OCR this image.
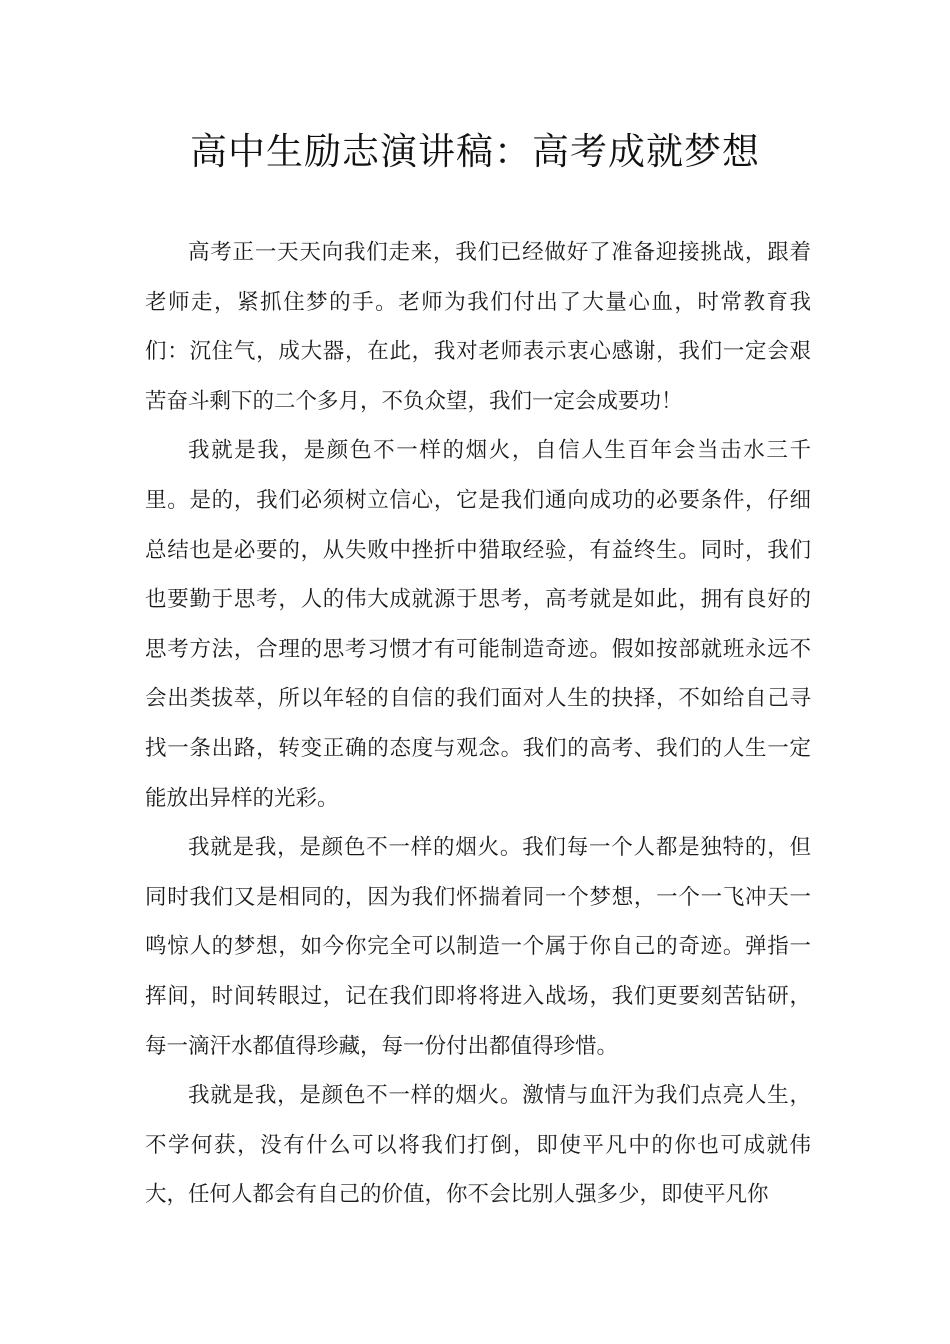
高中生励志演讲稿：高考成就梦想

高考正一天天向我们走来，我们已经做好了准备迎接挑战，跟着老师走，紧抓住梦的手。老师为我们付出了大量心血，时常教育我们：沉住气，成大器，在此，我对老师表示衷心感谢，我们一定会艰苦奋斗剩下的二个多月，不负众望，我们一定会成要功！

我就是我，是颜色不一样的烟火，自信人生百年会当击水三千里。是的，我们必须树立信心，它是我们通向成功的必要条件，仔细总结也是必要的，从失败中挫折中猎取经验，有益终生。同时，我们也要勤于思考，人的伟大成就源于思考，高考就是如此，拥有良好的思考方法，合理的思考习惯才有可能制造奇迹。假如按部就班永远不会出类拔萃，所以年轻的自信的我们面对人生的抉择，不如给自己寻找一条出路，转变正确的态度与观念。我们的高考、我们的人生一定能放出异样的光彩。

我就是我，是颜色不一样的烟火。我们每一个人都是独特的，但同时我们又是相同的，因为我们怀揣着同一个梦想，一个一飞冲天一鸣惊人的梦想，如今你完全可以制造一个属于你自己的奇迹。弹指一挥间，时间转眼过，记在我们即将将进入战场，我们更要刻苦钻研，每一滴汗水都值得珍藏，每一份付出都值得珍惜。

我就是我，是颜色不一样的烟火。激情与血汗为我们点亮人生，不学何获，没有什么可以将我们打倒，即使平凡中的你也可成就伟大，任何人都会有自己的价值，你不会比别人强多少，即使平凡你
